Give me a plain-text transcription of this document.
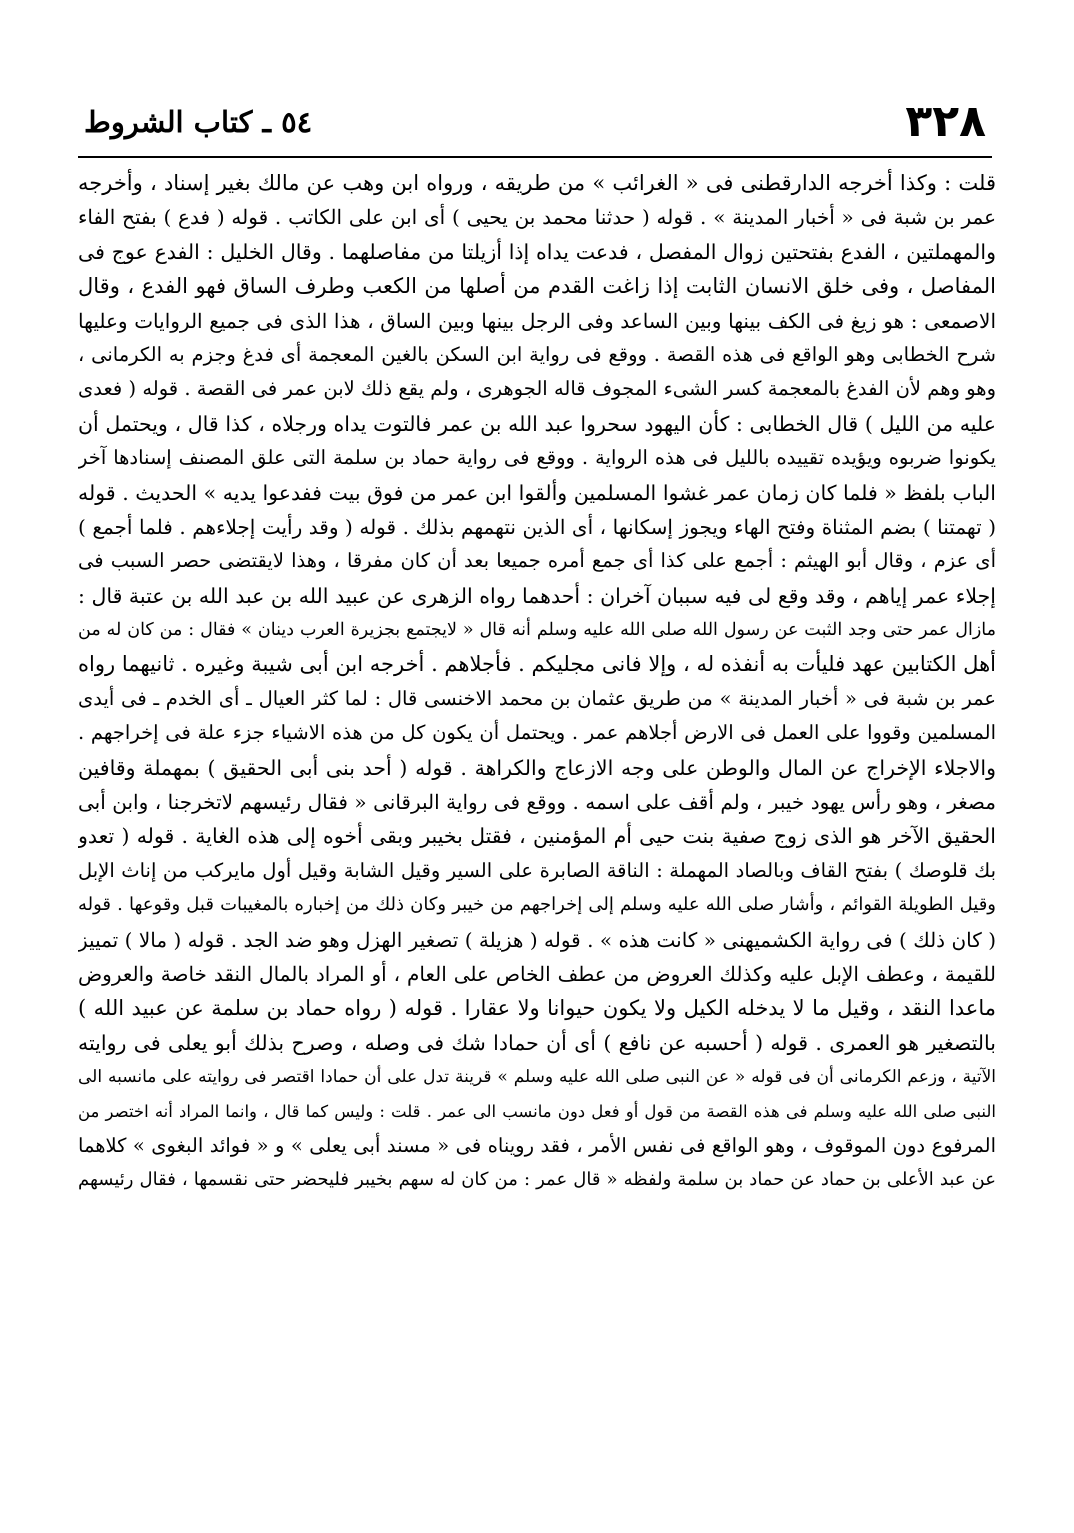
٣٢٨
٥٤ ـ كتاب الشروط
قلت : وكذا أخرجه الدارقطنى فى « الغرائب » من طريقه ، ورواه ابن وهب عن مالك بغير إسناد ، وأخرجه
عمر بن شبة فى « أخبار المدينة » . قوله ( حدثنا محمد بن يحيى ) أى ابن على الكاتب . قوله ( فدع ) بفتح الفاء
والمهملتين ، الفدع بفتحتين زوال المفصل ، فدعت يداه إذا أزيلتا من مفاصلهما . وقال الخليل : الفدع عوج فى
المفاصل ، وفى خلق الانسان الثابت إذا زاغت القدم من أصلها من الكعب وطرف الساق فهو الفدع ، وقال
الاصمعى : هو زيغ فى الكف بينها وبين الساعد وفى الرجل بينها وبين الساق ، هذا الذى فى جميع الروايات وعليها
شرح الخطابى وهو الواقع فى هذه القصة . ووقع فى رواية ابن السكن بالغين المعجمة أى فدغ وجزم به الكرمانى ،
وهو وهم لأن الفدغ بالمعجمة كسر الشىء المجوف قاله الجوهرى ، ولم يقع ذلك لابن عمر فى القصة . قوله ( فعدى
عليه من الليل ) قال الخطابى : كأن اليهود سحروا عبد الله بن عمر فالتوت يداه ورجلاه ، كذا قال ، ويحتمل أن
يكونوا ضربوه ويؤيده تقييده بالليل فى هذه الرواية . ووقع فى رواية حماد بن سلمة التى علق المصنف إسنادها آخر
الباب بلفظ « فلما كان زمان عمر غشوا المسلمين وألقوا ابن عمر من فوق بيت ففدعوا يديه » الحديث . قوله
( تهمتنا ) بضم المثناة وفتح الهاء ويجوز إسكانها ، أى الذين نتهمهم بذلك . قوله ( وقد رأيت إجلاءهم . فلما أجمع )
أى عزم ، وقال أبو الهيثم : أجمع على كذا أى جمع أمره جميعا بعد أن كان مفرقا ، وهذا لايقتضى حصر السبب فى
إجلاء عمر إياهم ، وقد وقع لى فيه سببان آخران : أحدهما رواه الزهرى عن عبيد الله بن عبد الله بن عتبة قال :
مازال عمر حتى وجد الثبت عن رسول الله صلى الله عليه وسلم أنه قال « لايجتمع بجزيرة العرب دينان » فقال : من كان له من
أهل الكتابين عهد فليأت به أنفذه له ، وإلا فانى مجليكم . فأجلاهم . أخرجه ابن أبى شيبة وغيره . ثانيهما رواه
عمر بن شبة فى « أخبار المدينة » من طريق عثمان بن محمد الاخنسى قال : لما كثر العيال ـ أى الخدم ـ فى أيدى
المسلمين وقووا على العمل فى الارض أجلاهم عمر . ويحتمل أن يكون كل من هذه الاشياء جزء علة فى إخراجهم .
والاجلاء الإخراج عن المال والوطن على وجه الازعاج والكراهة . قوله ( أحد بنى أبى الحقيق ) بمهملة وقافين
مصغر ، وهو رأس يهود خيبر ، ولم أقف على اسمه . ووقع فى رواية البرقانى « فقال رئيسهم لاتخرجنا ، وابن أبى
الحقيق الآخر هو الذى زوج صفية بنت حيى أم المؤمنين ، فقتل بخيبر وبقى أخوه إلى هذه الغاية . قوله ( تعدو
بك قلوصك ) بفتح القاف وبالصاد المهملة : الناقة الصابرة على السير وقيل الشابة وقيل أول مايركب من إناث الإبل
وقيل الطويلة القوائم ، وأشار صلى الله عليه وسلم إلى إخراجهم من خيبر وكان ذلك من إخباره بالمغيبات قبل وقوعها . قوله
( كان ذلك ) فى رواية الكشميهنى « كانت هذه » . قوله ( هزيلة ) تصغير الهزل وهو ضد الجد . قوله ( مالا ) تمييز
للقيمة ، وعطف الإبل عليه وكذلك العروض من عطف الخاص على العام ، أو المراد بالمال النقد خاصة والعروض
ماعدا النقد ، وقيل ما لا يدخله الكيل ولا يكون حيوانا ولا عقارا . قوله ( رواه حماد بن سلمة عن عبيد الله )
بالتصغير هو العمرى . قوله ( أحسبه عن نافع ) أى أن حمادا شك فى وصله ، وصرح بذلك أبو يعلى فى روايته
الآتية ، وزعم الكرمانى أن فى قوله « عن النبى صلى الله عليه وسلم » قرينة تدل على أن حمادا اقتصر فى روايته على مانسبه الى
النبى صلى الله عليه وسلم فى هذه القصة من قول أو فعل دون مانسب الى عمر . قلت : وليس كما قال ، وانما المراد أنه اختصر من
المرفوع دون الموقوف ، وهو الواقع فى نفس الأمر ، فقد رويناه فى « مسند أبى يعلى » و « فوائد البغوى » كلاهما
عن عبد الأعلى بن حماد عن حماد بن سلمة ولفظه « قال عمر : من كان له سهم بخيبر فليحضر حتى نقسمها ، فقال رئيسهم
